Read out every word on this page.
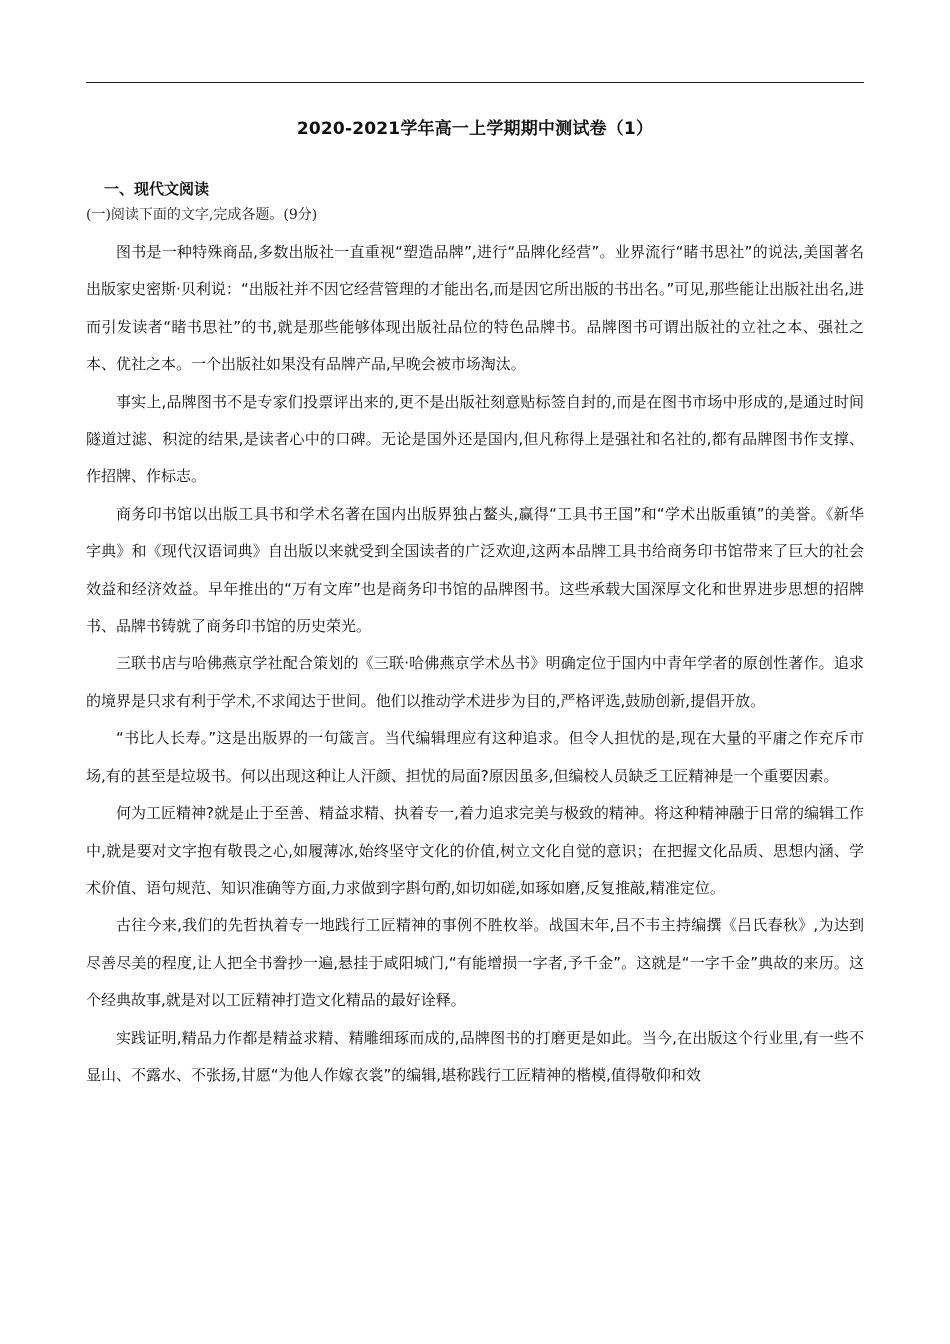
2020-2021学年高一上学期期中测试卷（1）
一、现代文阅读
(一)阅读下面的文字,完成各题。(9分)

图书是一种特殊商品,多数出版社一直重视“塑造品牌”,进行“品牌化经营”。业界流行“睹书思社”的说法,美国著名出版家史密斯·贝利说：“出版社并不因它经营管理的才能出名,而是因它所出版的书出名。”可见,那些能让出版社出名,进而引发读者“睹书思社”的书,就是那些能够体现出版社品位的特色品牌书。品牌图书可谓出版社的立社之本、强社之本、优社之本。一个出版社如果没有品牌产品,早晚会被市场淘汰。

事实上,品牌图书不是专家们投票评出来的,更不是出版社刻意贴标签自封的,而是在图书市场中形成的,是通过时间隧道过滤、积淀的结果,是读者心中的口碑。无论是国外还是国内,但凡称得上是强社和名社的,都有品牌图书作支撑、作招牌、作标志。

商务印书馆以出版工具书和学术名著在国内出版界独占鳌头,赢得“工具书王国”和“学术出版重镇”的美誉。《新华字典》和《现代汉语词典》自出版以来就受到全国读者的广泛欢迎,这两本品牌工具书给商务印书馆带来了巨大的社会效益和经济效益。早年推出的“万有文库”也是商务印书馆的品牌图书。这些承载大国深厚文化和世界进步思想的招牌书、品牌书铸就了商务印书馆的历史荣光。

三联书店与哈佛燕京学社配合策划的《三联·哈佛燕京学术丛书》明确定位于国内中青年学者的原创性著作。追求的境界是只求有利于学术,不求闻达于世间。他们以推动学术进步为目的,严格评选,鼓励创新,提倡开放。

“书比人长寿。”这是出版界的一句箴言。当代编辑理应有这种追求。但令人担忧的是,现在大量的平庸之作充斥市场,有的甚至是垃圾书。何以出现这种让人汗颜、担忧的局面?原因虽多,但编校人员缺乏工匠精神是一个重要因素。

何为工匠精神?就是止于至善、精益求精、执着专一,着力追求完美与极致的精神。将这种精神融于日常的编辑工作中,就是要对文字抱有敬畏之心,如履薄冰,始终坚守文化的价值,树立文化自觉的意识；在把握文化品质、思想内涵、学术价值、语句规范、知识准确等方面,力求做到字斟句酌,如切如磋,如琢如磨,反复推敲,精准定位。

古往今来,我们的先哲执着专一地践行工匠精神的事例不胜枚举。战国末年,吕不韦主持编撰《吕氏春秋》,为达到尽善尽美的程度,让人把全书誊抄一遍,悬挂于咸阳城门,“有能增损一字者,予千金”。这就是“一字千金”典故的来历。这个经典故事,就是对以工匠精神打造文化精品的最好诠释。

实践证明,精品力作都是精益求精、精雕细琢而成的,品牌图书的打磨更是如此。当今,在出版这个行业里,有一些不显山、不露水、不张扬,甘愿“为他人作嫁衣裳”的编辑,堪称践行工匠精神的楷模,值得敬仰和效
